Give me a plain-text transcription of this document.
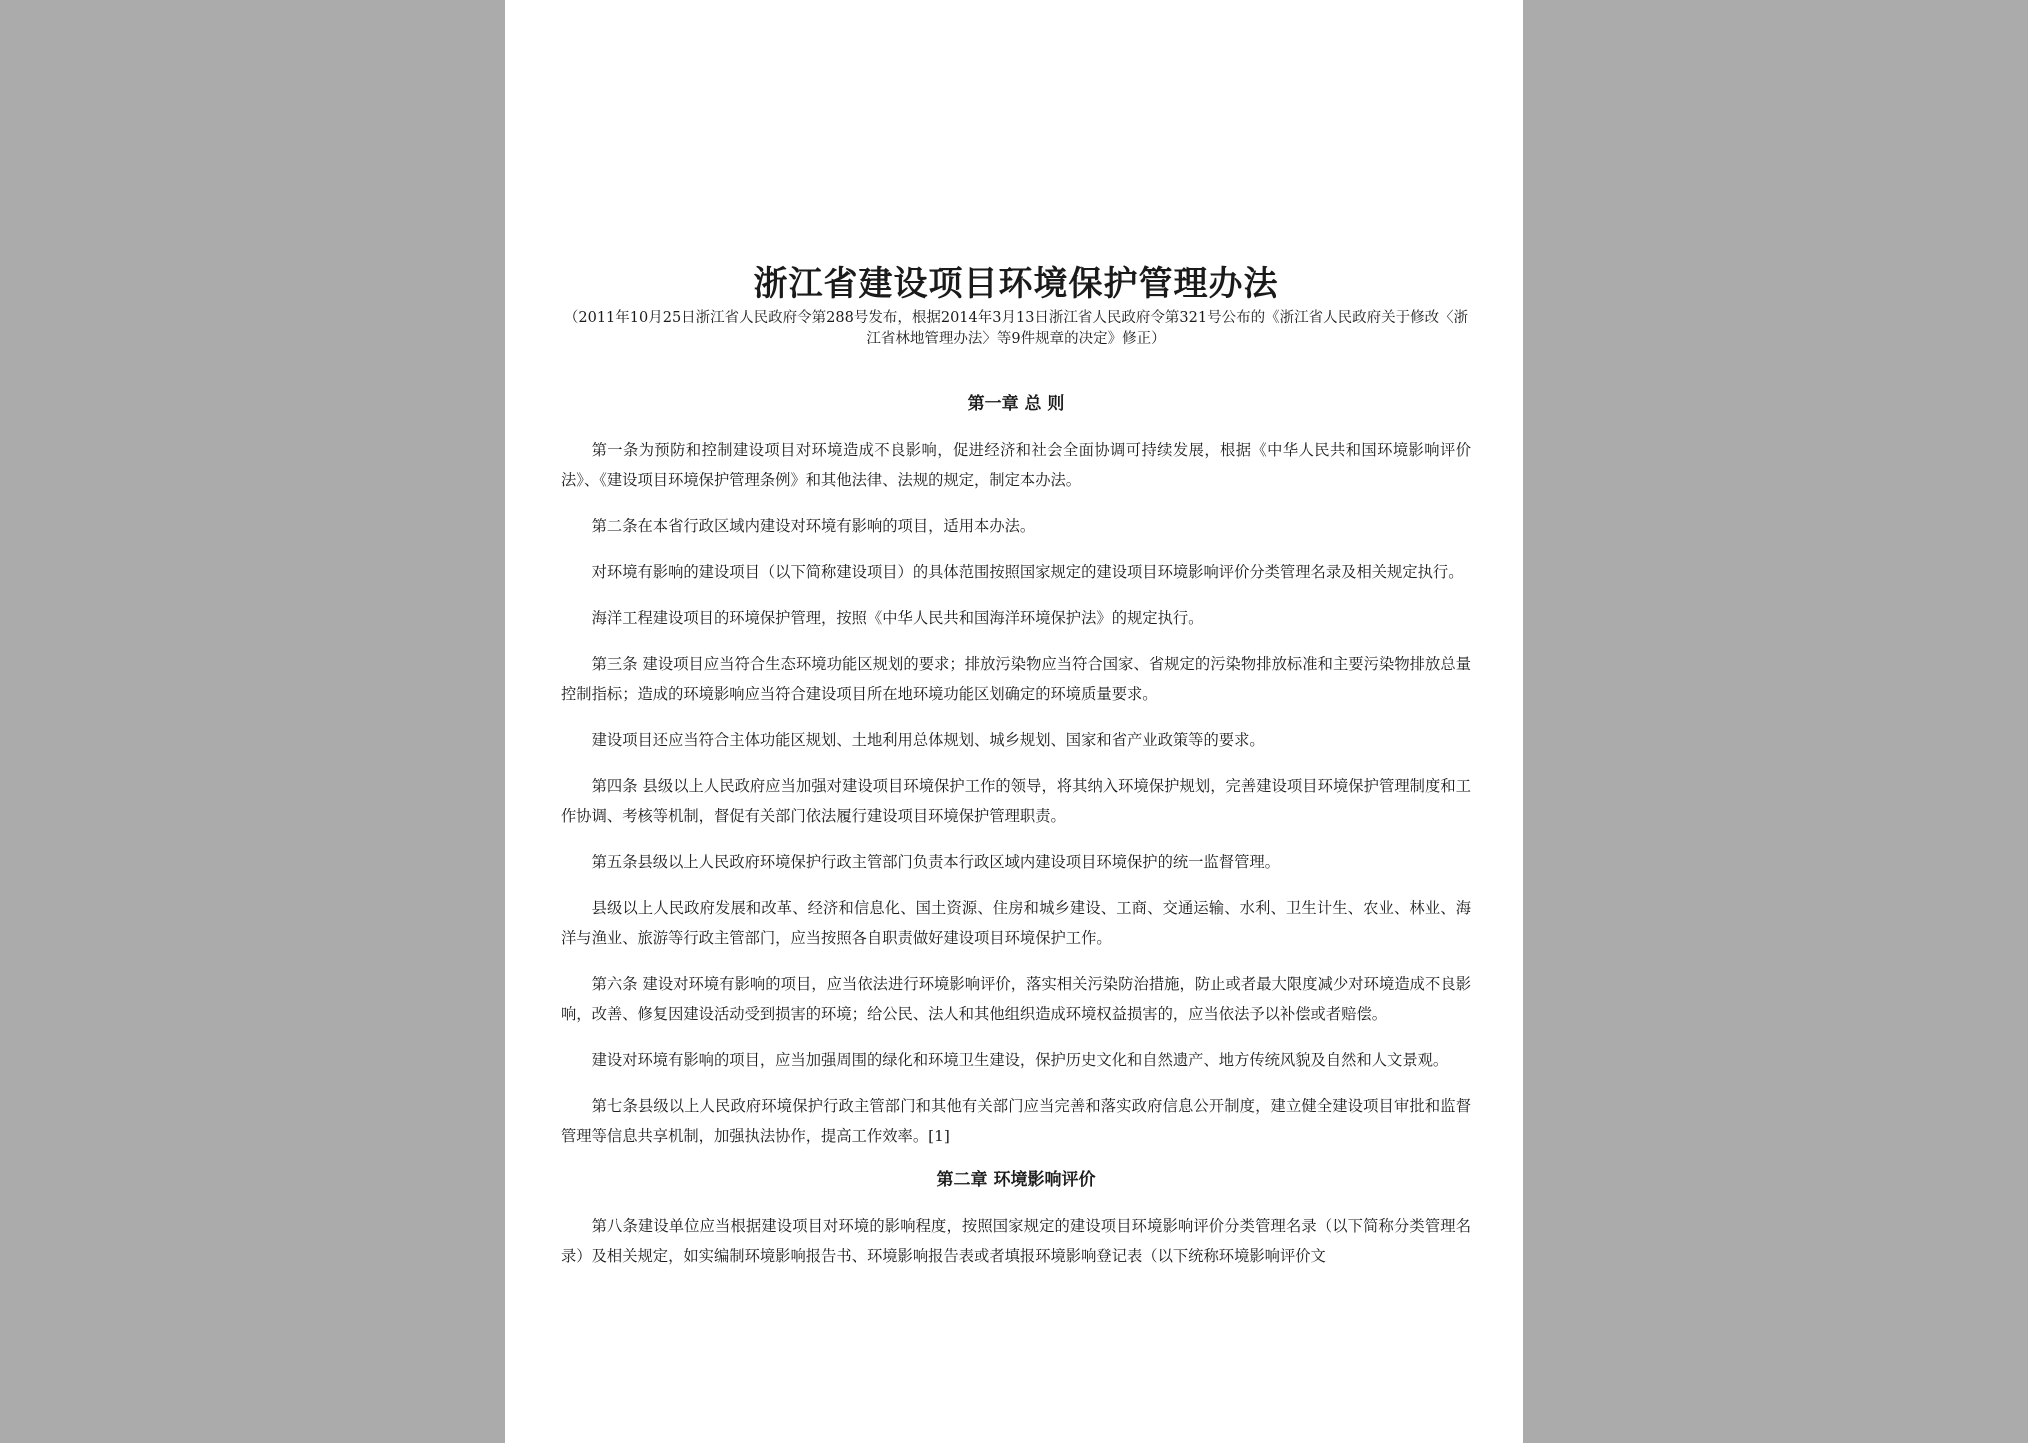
浙江省建设项目环境保护管理办法

（2011年10月25日浙江省人民政府令第288号发布，根据2014年3月13日浙江省人民政府令第321号公布的《浙江省人民政府关于修改〈浙江省林地管理办法〉等9件规章的决定》修正）

第一章 总 则

第一条为预防和控制建设项目对环境造成不良影响，促进经济和社会全面协调可持续发展，根据《中华人民共和国环境影响评价法》、《建设项目环境保护管理条例》和其他法律、法规的规定，制定本办法。

第二条在本省行政区域内建设对环境有影响的项目，适用本办法。

对环境有影响的建设项目（以下简称建设项目）的具体范围按照国家规定的建设项目环境影响评价分类管理名录及相关规定执行。

海洋工程建设项目的环境保护管理，按照《中华人民共和国海洋环境保护法》的规定执行。

第三条 建设项目应当符合生态环境功能区规划的要求；排放污染物应当符合国家、省规定的污染物排放标准和主要污染物排放总量控制指标；造成的环境影响应当符合建设项目所在地环境功能区划确定的环境质量要求。

建设项目还应当符合主体功能区规划、土地利用总体规划、城乡规划、国家和省产业政策等的要求。

第四条 县级以上人民政府应当加强对建设项目环境保护工作的领导，将其纳入环境保护规划，完善建设项目环境保护管理制度和工作协调、考核等机制，督促有关部门依法履行建设项目环境保护管理职责。

第五条县级以上人民政府环境保护行政主管部门负责本行政区域内建设项目环境保护的统一监督管理。

县级以上人民政府发展和改革、经济和信息化、国土资源、住房和城乡建设、工商、交通运输、水利、卫生计生、农业、林业、海洋与渔业、旅游等行政主管部门，应当按照各自职责做好建设项目环境保护工作。

第六条 建设对环境有影响的项目，应当依法进行环境影响评价，落实相关污染防治措施，防止或者最大限度减少对环境造成不良影响，改善、修复因建设活动受到损害的环境；给公民、法人和其他组织造成环境权益损害的，应当依法予以补偿或者赔偿。

建设对环境有影响的项目，应当加强周围的绿化和环境卫生建设，保护历史文化和自然遗产、地方传统风貌及自然和人文景观。

第七条县级以上人民政府环境保护行政主管部门和其他有关部门应当完善和落实政府信息公开制度，建立健全建设项目审批和监督管理等信息共享机制，加强执法协作，提高工作效率。[1]

第二章 环境影响评价

第八条建设单位应当根据建设项目对环境的影响程度，按照国家规定的建设项目环境影响评价分类管理名录（以下简称分类管理名录）及相关规定，如实编制环境影响报告书、环境影响报告表或者填报环境影响登记表（以下统称环境影响评价文
